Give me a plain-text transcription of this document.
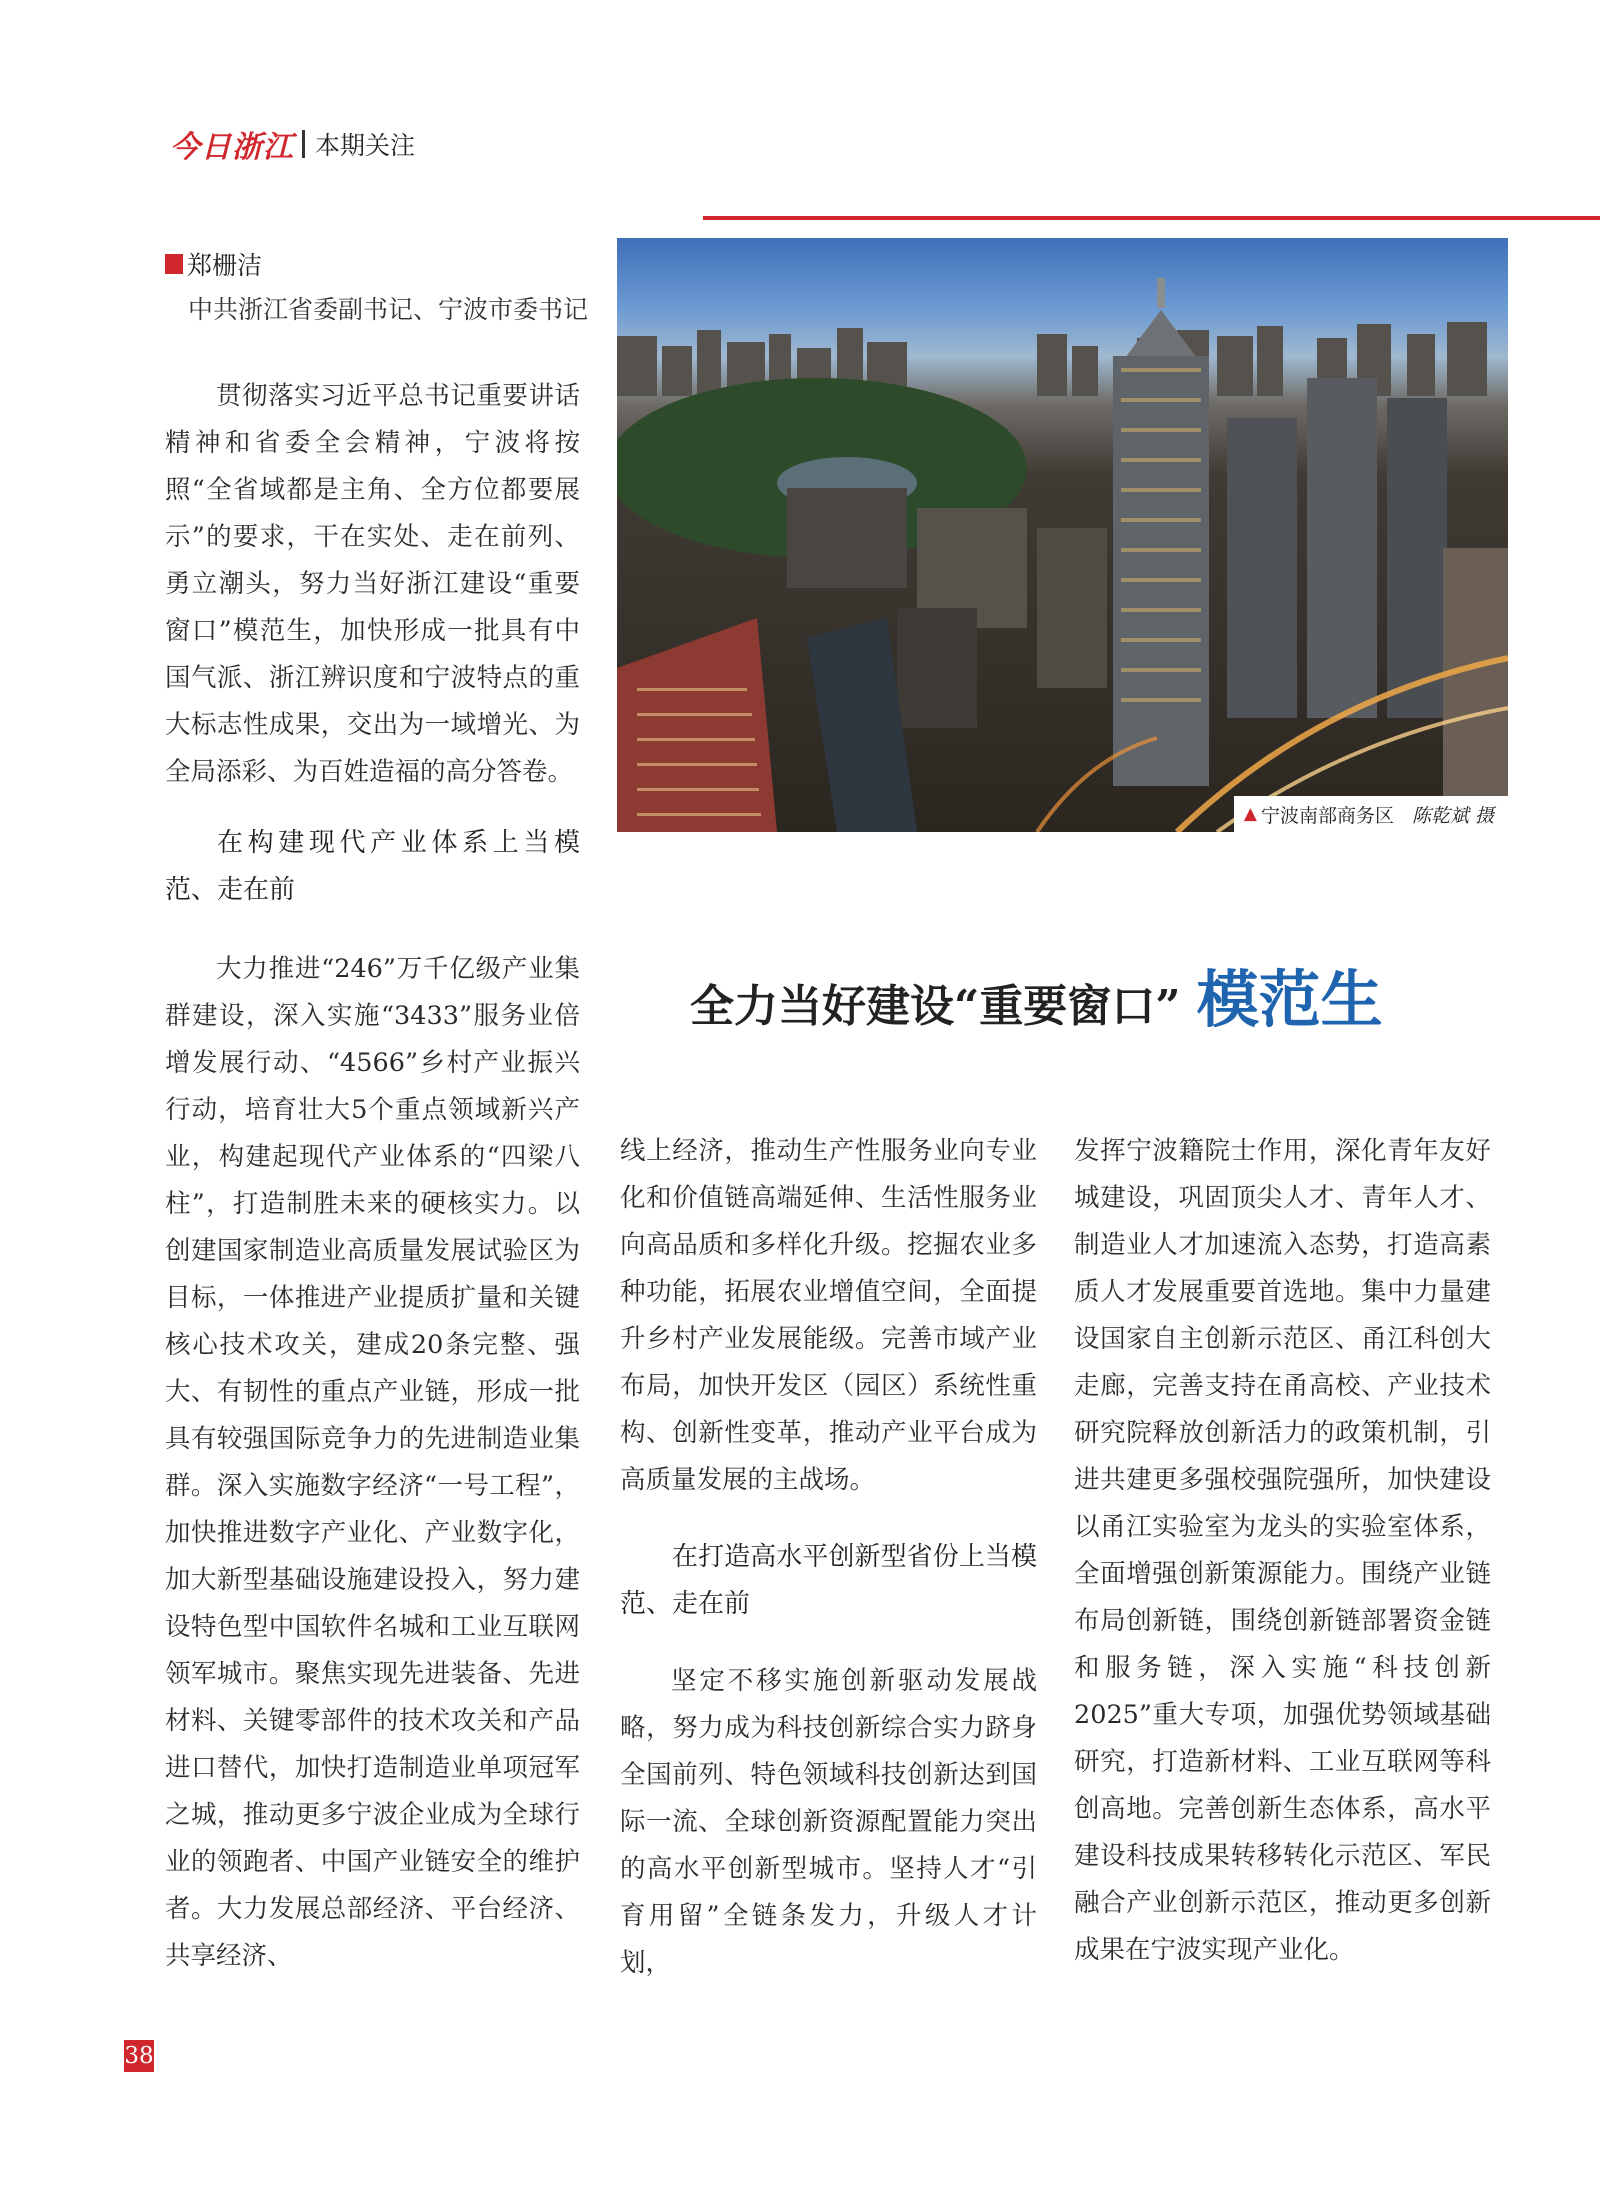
今日浙江 本期关注
郑栅洁
中共浙江省委副书记、宁波市委书记
▲ 宁波南部商务区 陈乾斌 摄
全力当好建设“重要窗口” 模范生

贯彻落实习近平总书记重要讲话精神和省委全会精神，宁波将按照“全省域都是主角、全方位都要展示”的要求，干在实处、走在前列、勇立潮头，努力当好浙江建设“重要窗口”模范生，加快形成一批具有中国气派、浙江辨识度和宁波特点的重大标志性成果，交出为一域增光、为全局添彩、为百姓造福的高分答卷。

在构建现代产业体系上当模范、走在前

大力推进“246”万千亿级产业集群建设，深入实施“3433”服务业倍增发展行动、“4566”乡村产业振兴行动，培育壮大5个重点领域新兴产业，构建起现代产业体系的“四梁八柱”，打造制胜未来的硬核实力。以创建国家制造业高质量发展试验区为目标，一体推进产业提质扩量和关键核心技术攻关，建成20条完整、强大、有韧性的重点产业链，形成一批具有较强国际竞争力的先进制造业集群。深入实施数字经济“一号工程”，加快推进数字产业化、产业数字化，加大新型基础设施建设投入，努力建设特色型中国软件名城和工业互联网领军城市。聚焦实现先进装备、先进材料、关键零部件的技术攻关和产品进口替代，加快打造制造业单项冠军之城，推动更多宁波企业成为全球行业的领跑者、中国产业链安全的维护者。大力发展总部经济、平台经济、共享经济、

线上经济，推动生产性服务业向专业化和价值链高端延伸、生活性服务业向高品质和多样化升级。挖掘农业多种功能，拓展农业增值空间，全面提升乡村产业发展能级。完善市域产业布局，加快开发区（园区）系统性重构、创新性变革，推动产业平台成为高质量发展的主战场。

在打造高水平创新型省份上当模范、走在前

坚定不移实施创新驱动发展战略，努力成为科技创新综合实力跻身全国前列、特色领域科技创新达到国际一流、全球创新资源配置能力突出的高水平创新型城市。坚持人才“引育用留”全链条发力，升级人才计划，

发挥宁波籍院士作用，深化青年友好城建设，巩固顶尖人才、青年人才、制造业人才加速流入态势，打造高素质人才发展重要首选地。集中力量建设国家自主创新示范区、甬江科创大走廊，完善支持在甬高校、产业技术研究院释放创新活力的政策机制，引进共建更多强校强院强所，加快建设以甬江实验室为龙头的实验室体系，全面增强创新策源能力。围绕产业链布局创新链，围绕创新链部署资金链和服务链，深入实施“科技创新2025”重大专项，加强优势领域基础研究，打造新材料、工业互联网等科创高地。完善创新生态体系，高水平建设科技成果转移转化示范区、军民融合产业创新示范区，推动更多创新成果在宁波实现产业化。

38
